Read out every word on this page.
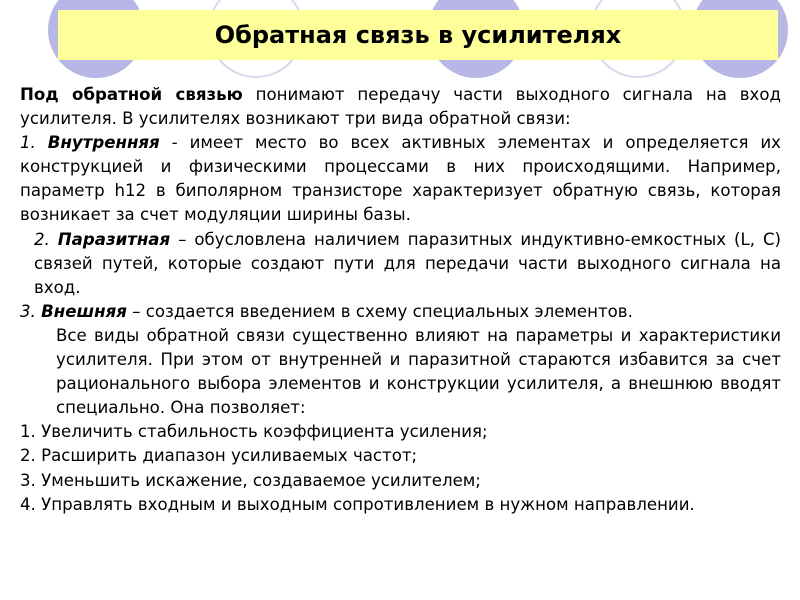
Обратная связь в усилителях

Под обратной связью понимают передачу части выходного сигнала на вход усилителя. В усилителях возникают три вида обратной связи:

1. Внутренняя - имеет место во всех активных элементах и определяется их конструкцией и физическими процессами в них происходящими. Например, параметр h12 в биполярном транзисторе характеризует обратную связь, которая возникает за счет модуляции ширины базы.

2. Паразитная – обусловлена наличием паразитных индуктивно-емкостных (L, C) связей путей, которые создают пути для передачи части выходного сигнала на вход.

3. Внешняя – создается введением в схему специальных элементов.

Все виды обратной связи существенно влияют на параметры и характеристики усилителя. При этом от внутренней и паразитной стараются избавится за счет рационального выбора элементов и конструкции усилителя, а внешнюю вводят специально. Она позволяет:

1. Увеличить стабильность коэффициента усиления;

2. Расширить диапазон усиливаемых частот;

3. Уменьшить искажение, создаваемое усилителем;

4. Управлять входным и выходным сопротивлением в нужном направлении.
